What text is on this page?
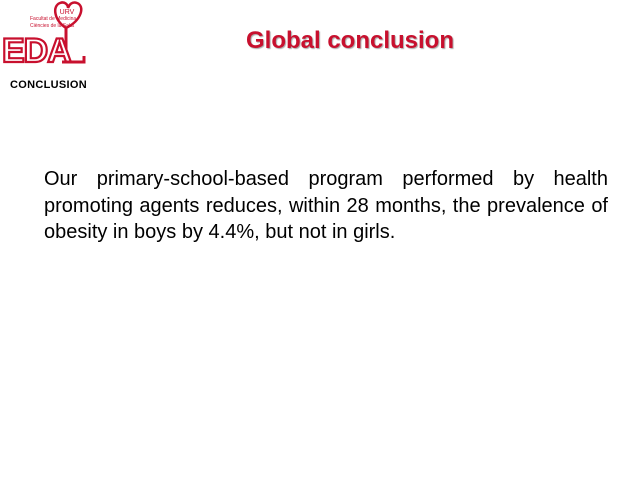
URV
Facultat de Medicina
Ciències de la Salut
EDA
CONCLUSION
Global conclusion
Our primary-school-based program performed by health promoting agents reduces, within 28 months, the prevalence of obesity in boys by 4.4%, but not in girls.
